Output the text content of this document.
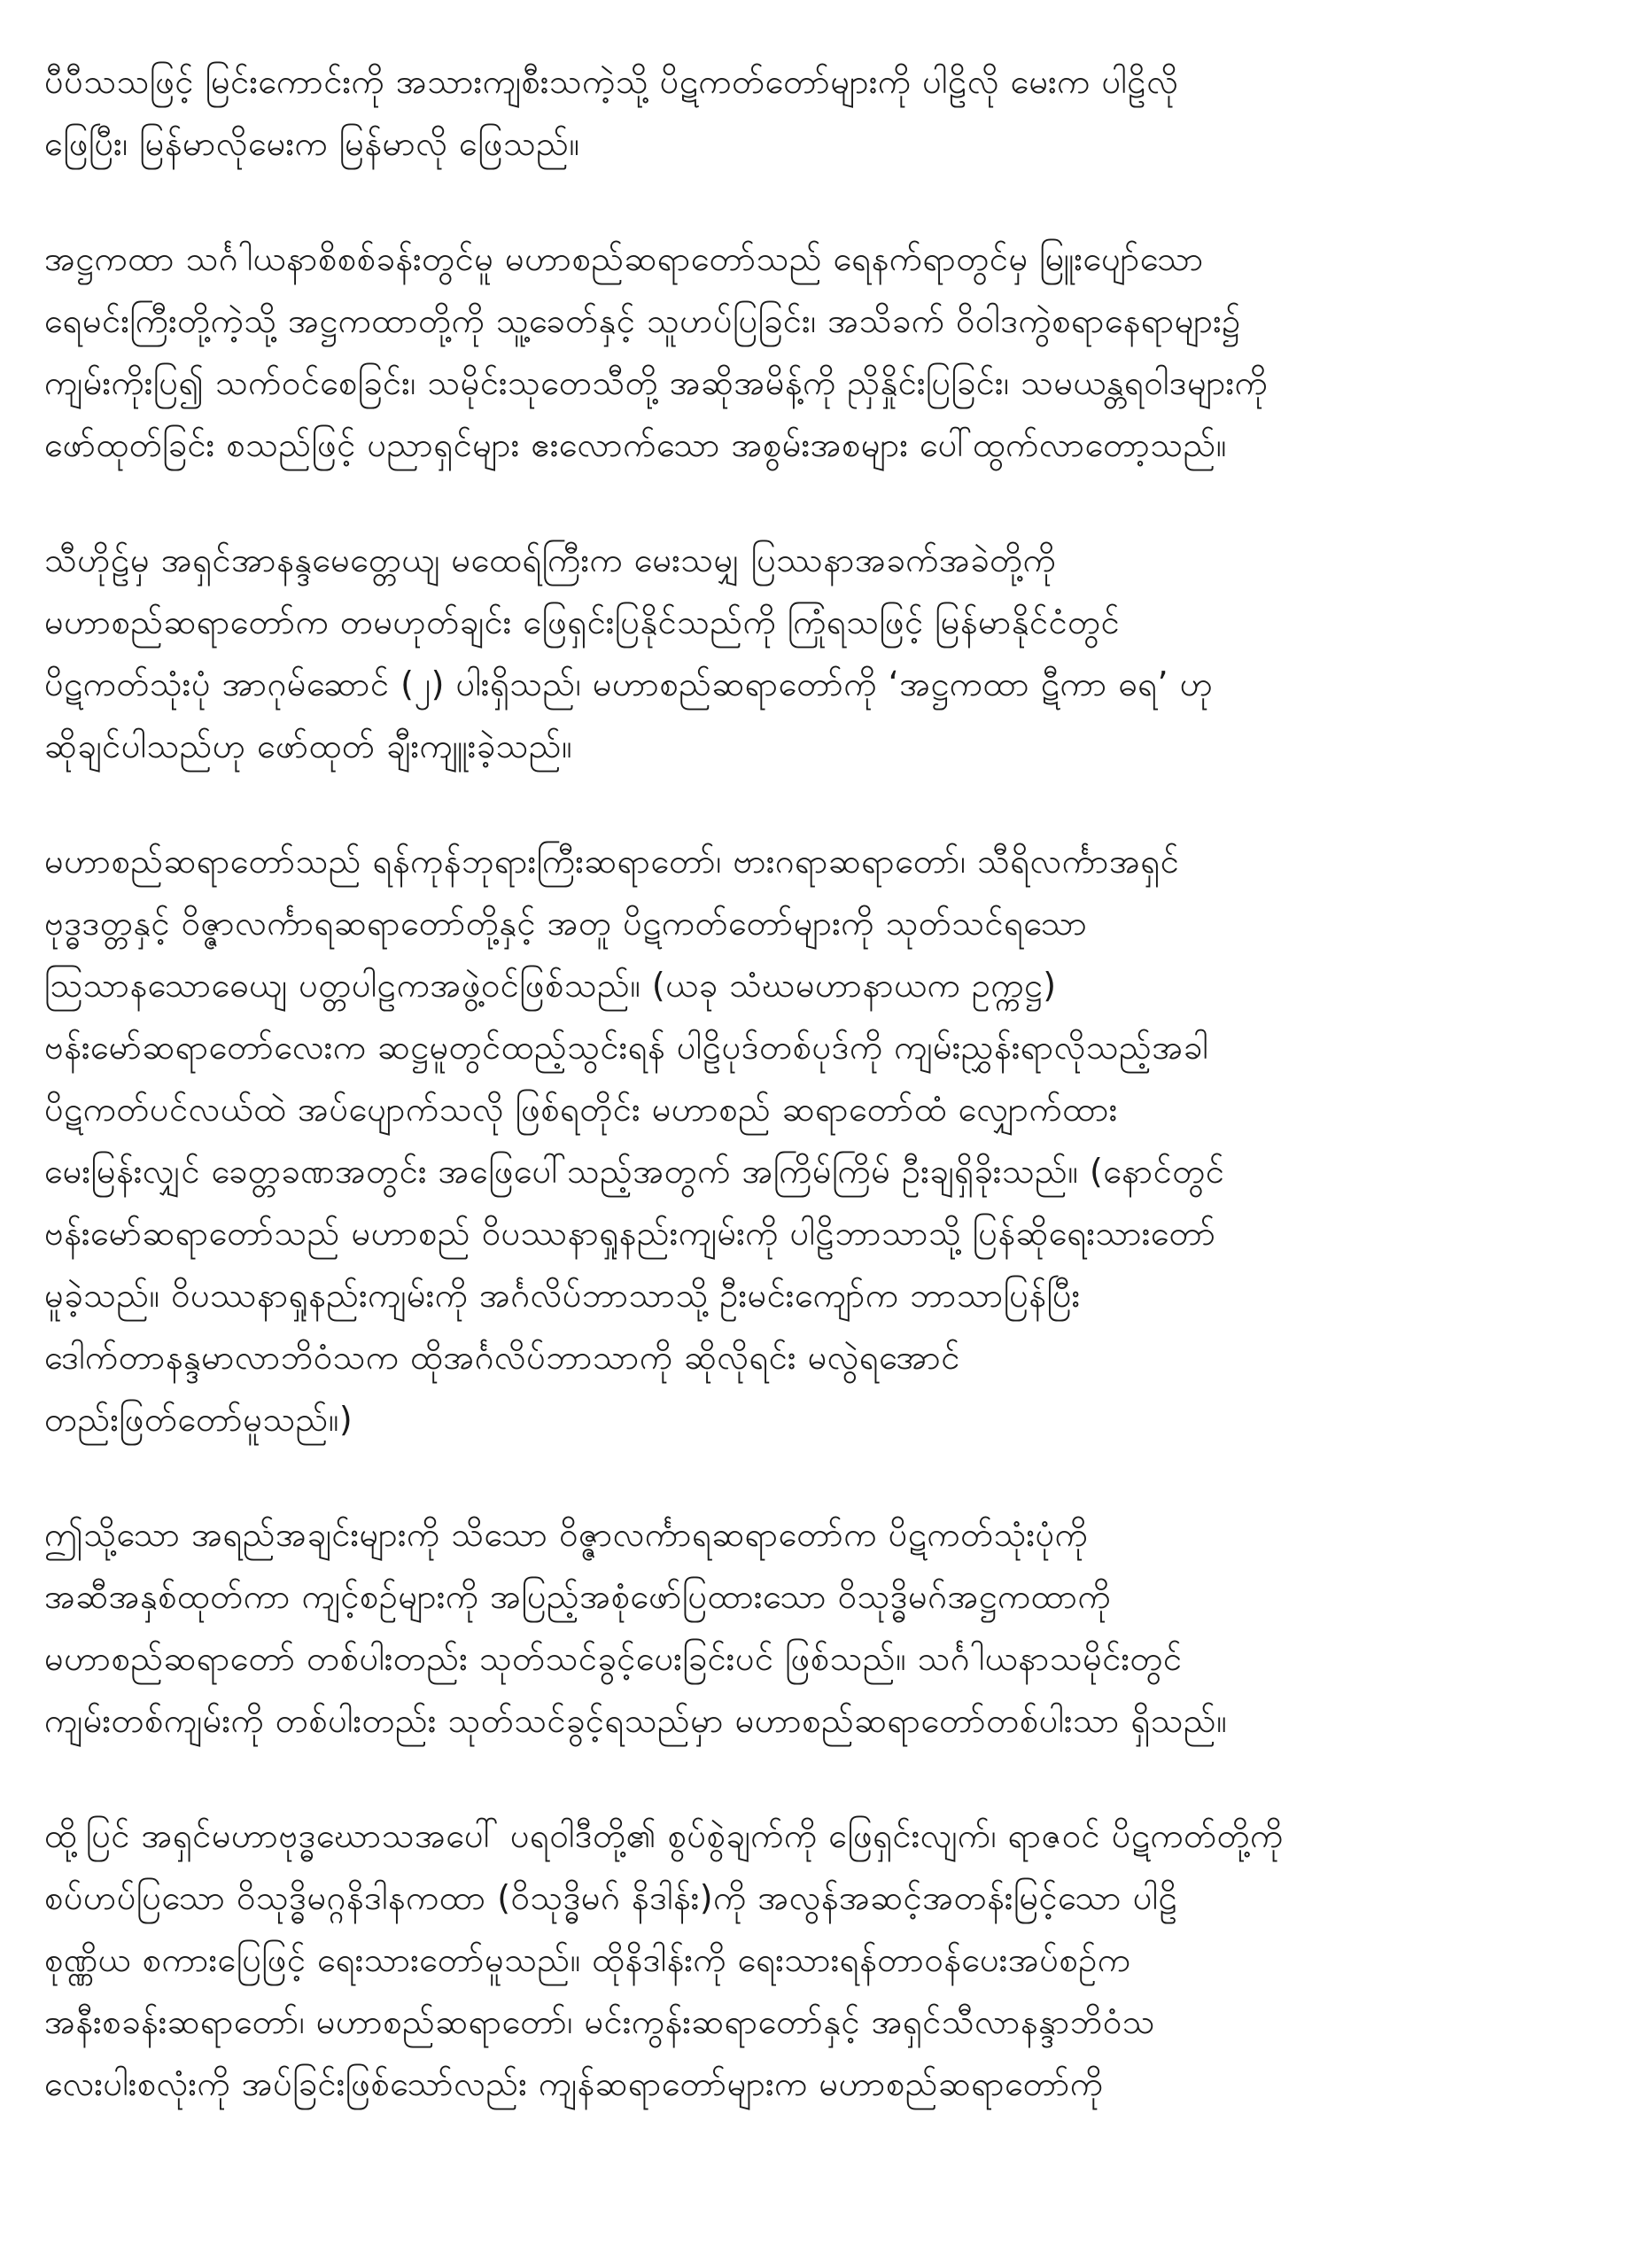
ပီပီသသဖြင့် မြင်းကောင်းကို အသားကျစီးသကဲ့သို့ ပိဋကတ်တော်များကို ပါဠိလို မေးက ပါဠိလို
ဖြေပြီး၊ မြန်မာလိုမေးက မြန်မာလို ဖြေသည်။
အဋ္ဌကထာ သင်္ဂါယနာစိစစ်ခန်းတွင်မူ မဟာစည်ဆရာတော်သည် ရေနက်ရာတွင်မှ မြူးပျော်သော
ရေမင်းကြီးတို့ကဲ့သို့ အဋ္ဌကထာတို့ကို သူ့ခေတ်နှင့် သူဟပ်ပြခြင်း၊ အသိခက် ဝိဝါဒကွဲစရာနေရာများ၌
ကျမ်းကိုးပြ၍ သက်ဝင်စေခြင်း၊ သမိုင်းသုတေသီတို့ အဆိုအမိန့်ကို ညှိနှိုင်းပြခြင်း၊ သမယန္တရဝါဒများကို
ဖော်ထုတ်ခြင်း စသည်ဖြင့် ပညာရှင်များ ဧးလောက်သော အစွမ်းအစများ ပေါ်ထွက်လာတော့သည်။
သီဟိုဠ်မှ အရှင်အာနန္ဒမေတ္တေယျ မထေရ်ကြီးက မေးသမျှ ပြဿနာအခက်အခဲတို့ကို
မဟာစည်ဆရာတော်က တမဟုတ်ချင်း ဖြေရှင်းပြနိုင်သည်ကို ကြုံရသဖြင့် မြန်မာနိုင်ငံတွင်
ပိဋကတ်သုံးပုံ အာဂုမ်ဆောင် (၂) ပါးရှိသည်၊ မဟာစည်ဆရာတော်ကို ‘အဋ္ဌကထာ ဋီကာ ဓရ’ ဟု
ဆိုချင်ပါသည်ဟု ဖော်ထုတ် ချီးကျူးခဲ့သည်။
မဟာစည်ဆရာတော်သည် ရန်ကုန်ဘုရားကြီးဆရာတော်၊ ဗားဂရာဆရာတော်၊ သီရိလင်္ကာအရှင်
ဗုဒ္ဓဒတ္တနှင့် ဝိဇ္ဇာလင်္ကာရဆရာတော်တို့နှင့် အတူ ပိဋကတ်တော်များကို သုတ်သင်ရသော
ဩသာနသောဓေယျ ပတ္တပါဠကအဖွဲ့ဝင်ဖြစ်သည်။ (ယခု သံဃမဟာနာယက ဥက္ကဋ္ဌ)
ဗန်းမော်ဆရာတော်လေးက ဆဋ္ဌမူတွင်ထည့်သွင်းရန် ပါဠိပုဒ်တစ်ပုဒ်ကို ကျမ်းညွှန်းရာလိုသည့်အခါ
ပိဋကတ်ပင်လယ်ထဲ အပ်ပျောက်သလို ဖြစ်ရတိုင်း မဟာစည် ဆရာတော်ထံ လျှောက်ထား
မေးမြန်းလျှင် ခေတ္တခဏအတွင်း အဖြေပေါ်သည့်အတွက် အကြိမ်ကြိမ် ဦးချရှိခိုးသည်။ (နောင်တွင်
ဗန်းမော်ဆရာတော်သည် မဟာစည် ဝိပဿနာရှုနည်းကျမ်းကို ပါဠိဘာသာသို့ ပြန်ဆိုရေးသားတော်
မူခဲ့သည်။ ဝိပဿနာရှုနည်းကျမ်းကို အင်္ဂလိပ်ဘာသာသို့ ဦးမင်းကျော်က ဘာသာပြန်ပြီး
ဒေါက်တာနန္ဒမာလာဘိဝံသက ထိုအင်္ဂလိပ်ဘာသာကို ဆိုလိုရင်း မလွဲရအောင်
တည်းဖြတ်တော်မူသည်။)
ဤသို့သော အရည်အချင်းများကို သိသော ဝိဇ္ဇာလင်္ကာရဆရာတော်က ပိဋကတ်သုံးပုံကို
အဆီအနှစ်ထုတ်ကာ ကျင့်စဉ်များကို အပြည့်အစုံဖော်ပြထားသော ဝိသုဒ္ဓိမဂ်အဋ္ဌကထာကို
မဟာစည်ဆရာတော် တစ်ပါးတည်း သုတ်သင်ခွင့်ပေးခြင်းပင် ဖြစ်သည်။ သင်္ဂါယနာသမိုင်းတွင်
ကျမ်းတစ်ကျမ်းကို တစ်ပါးတည်း သုတ်သင်ခွင့်ရသည်မှာ မဟာစည်ဆရာတော်တစ်ပါးသာ ရှိသည်။
ထို့ပြင် အရှင်မဟာဗုဒ္ဓဃောသအပေါ် ပရဝါဒီတို့၏ စွပ်စွဲချက်ကို ဖြေရှင်းလျက်၊ ရာဇဝင် ပိဋကတ်တို့ကို
စပ်ဟပ်ပြသော ဝိသုဒ္ဓိမဂ္ဂနိဒါနကထာ (ဝိသုဒ္ဓိမဂ် နိဒါန်း)ကို အလွန်အဆင့်အတန်းမြင့်သော ပါဠိ
စုဏ္ဏိယ စကားပြေဖြင့် ရေးသားတော်မူသည်။ ထိုနိဒါန်းကို ရေးသားရန်တာဝန်ပေးအပ်စဉ်က
အနီးစခန်းဆရာတော်၊ မဟာစည်ဆရာတော်၊ မင်းကွန်းဆရာတော်နှင့် အရှင်သီလာနန္ဒာဘိဝံသ
လေးပါးစလုံးကို အပ်ခြင်းဖြစ်သော်လည်း ကျန်ဆရာတော်များက မဟာစည်ဆရာတော်ကို
